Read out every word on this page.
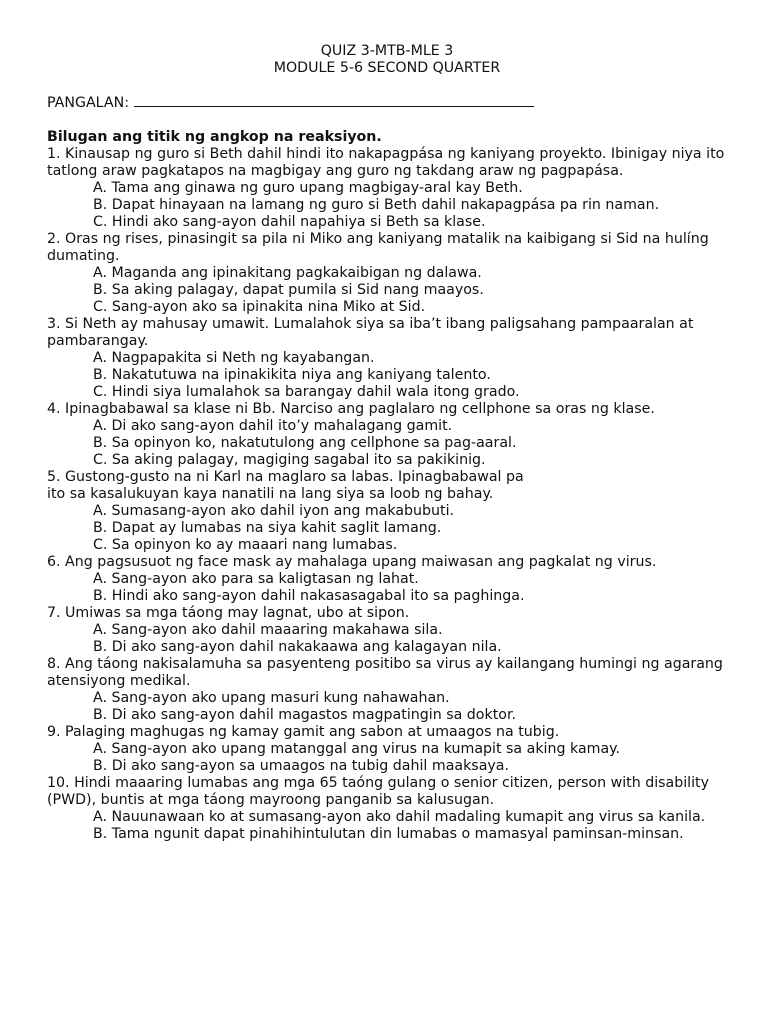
QUIZ 3-MTB-MLE 3
MODULE 5-6 SECOND QUARTER
PANGALAN:
Bilugan ang titik ng angkop na reaksiyon.
1. Kinausap ng guro si Beth dahil hindi ito nakapagpása ng kaniyang proyekto. Ibinigay niya ito tatlong araw pagkatapos na magbigay ang guro ng takdang araw ng pagpapása.
A. Tama ang ginawa ng guro upang magbigay-aral kay Beth.
B. Dapat hinayaan na lamang ng guro si Beth dahil nakapagpása pa rin naman.
C. Hindi ako sang-ayon dahil napahiya si Beth sa klase.
2. Oras ng rises, pinasingit sa pila ni Miko ang kaniyang matalik na kaibigang si Sid na hulíng dumating.
A. Maganda ang ipinakitang pagkakaibigan ng dalawa.
B. Sa aking palagay, dapat pumila si Sid nang maayos.
C. Sang-ayon ako sa ipinakita nina Miko at Sid.
3. Si Neth ay mahusay umawit. Lumalahok siya sa iba’t ibang paligsahang pampaaralan at pambarangay.
A. Nagpapakita si Neth ng kayabangan.
B. Nakatutuwa na ipinakikita niya ang kaniyang talento.
C. Hindi siya lumalahok sa barangay dahil wala itong grado.
4. Ipinagbabawal sa klase ni Bb. Narciso ang paglalaro ng cellphone sa oras ng klase.
A. Di ako sang-ayon dahil ito’y mahalagang gamit.
B. Sa opinyon ko, nakatutulong ang cellphone sa pag-aaral.
C. Sa aking palagay, magiging sagabal ito sa pakikinig.
5. Gustong-gusto na ni Karl na maglaro sa labas. Ipinagbabawal pa
ito sa kasalukuyan kaya nanatili na lang siya sa loob ng bahay.
A. Sumasang-ayon ako dahil iyon ang makabubuti.
B. Dapat ay lumabas na siya kahit saglit lamang.
C. Sa opinyon ko ay maaari nang lumabas.
6. Ang pagsusuot ng face mask ay mahalaga upang maiwasan ang pagkalat ng virus.
A. Sang-ayon ako para sa kaligtasan ng lahat.
B. Hindi ako sang-ayon dahil nakasasagabal ito sa paghinga.
7. Umiwas sa mga táong may lagnat, ubo at sipon.
A. Sang-ayon ako dahil maaaring makahawa sila.
B. Di ako sang-ayon dahil nakakaawa ang kalagayan nila.
8. Ang táong nakisalamuha sa pasyenteng positibo sa virus ay kailangang humingi ng agarang atensiyong medikal.
A. Sang-ayon ako upang masuri kung nahawahan.
B. Di ako sang-ayon dahil magastos magpatingin sa doktor.
9. Palaging maghugas ng kamay gamit ang sabon at umaagos na tubig.
A. Sang-ayon ako upang matanggal ang virus na kumapit sa aking kamay.
B. Di ako sang-ayon sa umaagos na tubig dahil maaksaya.
10. Hindi maaaring lumabas ang mga 65 taóng gulang o senior citizen, person with disability (PWD), buntis at mga táong mayroong panganib sa kalusugan.
A. Nauunawaan ko at sumasang-ayon ako dahil madaling kumapit ang virus sa kanila.
B. Tama ngunit dapat pinahihintulutan din lumabas o mamasyal paminsan-minsan.
